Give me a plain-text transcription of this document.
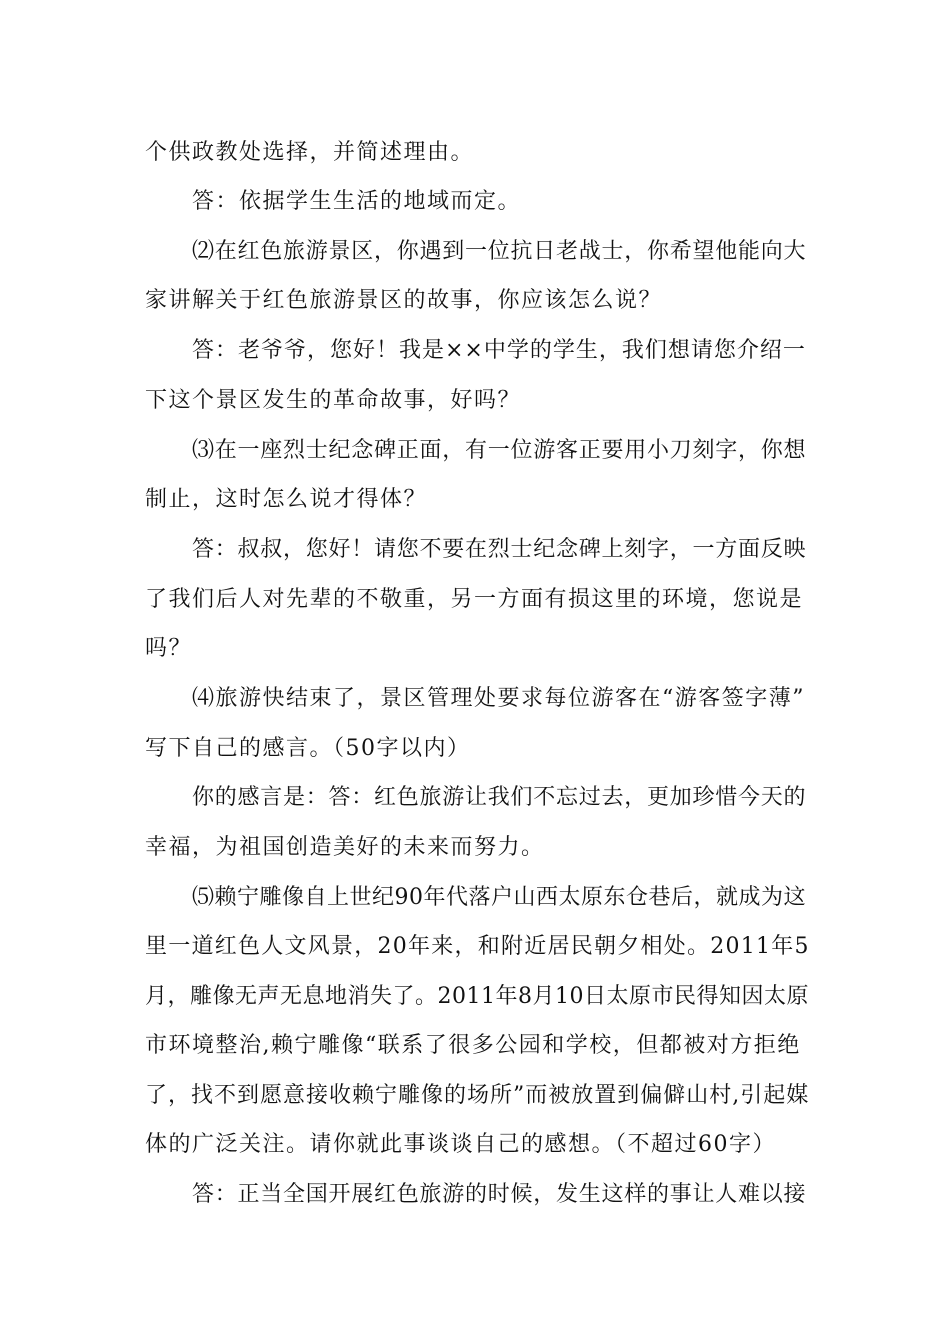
个供政教处选择，并简述理由。
答：依据学生生活的地域而定。
⑵在红色旅游景区，你遇到一位抗日老战士，你希望他能向大
家讲解关于红色旅游景区的故事，你应该怎么说？
答：老爷爷，您好！我是××中学的学生，我们想请您介绍一
下这个景区发生的革命故事，好吗？
⑶在一座烈士纪念碑正面，有一位游客正要用小刀刻字，你想
制止，这时怎么说才得体？
答：叔叔，您好！请您不要在烈士纪念碑上刻字，一方面反映
了我们后人对先辈的不敬重，另一方面有损这里的环境，您说是
吗？
⑷旅游快结束了，景区管理处要求每位游客在“游客签字薄”
写下自己的感言。（50字以内）
你的感言是：答：红色旅游让我们不忘过去，更加珍惜今天的
幸福，为祖国创造美好的未来而努力。
⑸赖宁雕像自上世纪90年代落户山西太原东仓巷后，就成为这
里一道红色人文风景，20年来，和附近居民朝夕相处。2011年5
月，雕像无声无息地消失了。2011年8月10日太原市民得知因太原
市环境整治,赖宁雕像“联系了很多公园和学校，但都被对方拒绝
了，找不到愿意接收赖宁雕像的场所”而被放置到偏僻山村,引起媒
体的广泛关注。请你就此事谈谈自己的感想。（不超过60字）
答：正当全国开展红色旅游的时候，发生这样的事让人难以接
